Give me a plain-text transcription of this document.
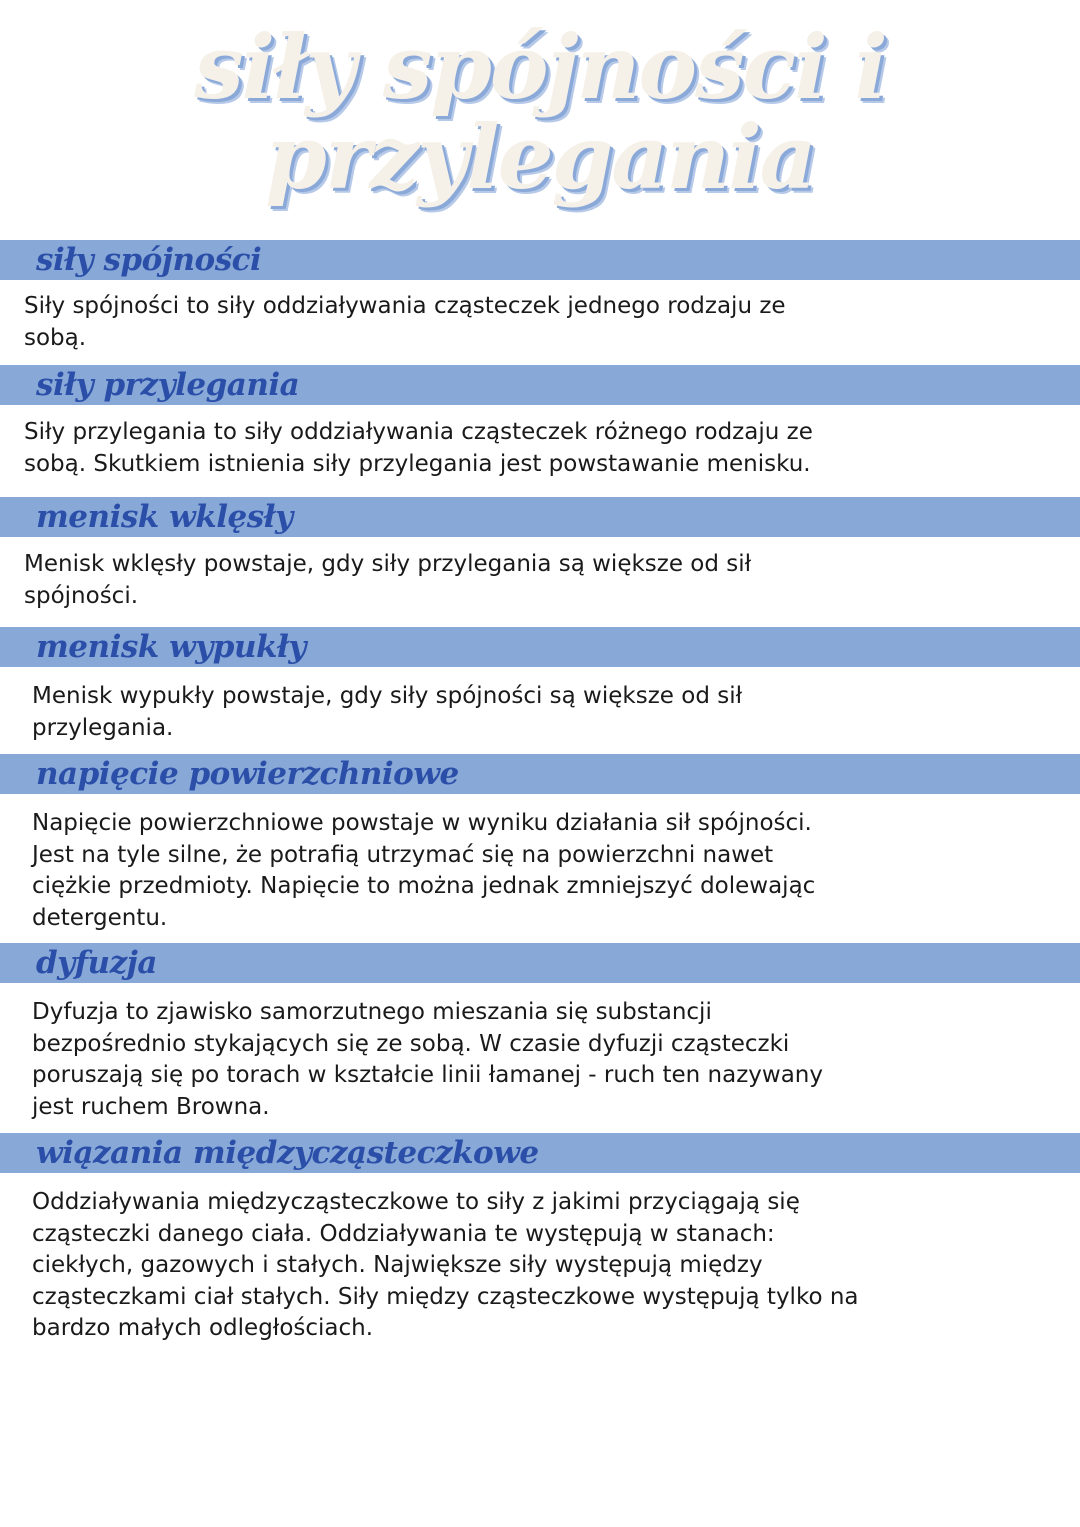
siły spójności i
przylegania
siły spójności

Siły spójności to siły oddziaływania cząsteczek jednego rodzaju ze
sobą.

siły przylegania

Siły przylegania to siły oddziaływania cząsteczek różnego rodzaju ze
sobą. Skutkiem istnienia siły przylegania jest powstawanie menisku.

menisk wklęsły

Menisk wklęsły powstaje, gdy siły przylegania są większe od sił
spójności.

menisk wypukły

Menisk wypukły powstaje, gdy siły spójności są większe od sił
przylegania.

napięcie powierzchniowe

Napięcie powierzchniowe powstaje w wyniku działania sił spójności.
Jest na tyle silne, że potrafią utrzymać się na powierzchni nawet
ciężkie przedmioty. Napięcie to można jednak zmniejszyć dolewając
detergentu.

dyfuzja

Dyfuzja to zjawisko samorzutnego mieszania się substancji
bezpośrednio stykających się ze sobą. W czasie dyfuzji cząsteczki
poruszają się po torach w kształcie linii łamanej - ruch ten nazywany
jest ruchem Browna.

wiązania międzycząsteczkowe

Oddziaływania międzycząsteczkowe to siły z jakimi przyciągają się
cząsteczki danego ciała. Oddziaływania te występują w stanach:
ciekłych, gazowych i stałych. Największe siły występują między
cząsteczkami ciał stałych. Siły między cząsteczkowe występują tylko na
bardzo małych odległościach.
